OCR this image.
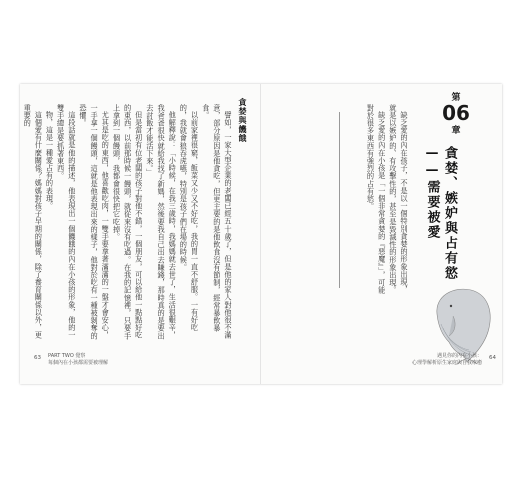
貪婪與饑餓

譬如，一家大型企業的老闆已經五十歲了，但是他的家人對他很不滿意，部分原因是他貪吃，但更主要的是他飲食沒有節制，經常暴飲暴食。

以前家裡很窮，飯菜又少又不好吃，我的胃一直不舒服。一有好吃的，我就會狼吞虎嚥，特別是孩子們在場的時候。

他解釋說：「小時候，在我三歲時，我媽媽就去世了，生活很艱辛，我爸爸很快就給我找了新媽，然後要我自己出去賺錢，那時真的是要出去討飯才能活下來。」

但是當初有位老闆的孩子對他不錯，一個朋友，可以給他一點點好吃的東西，以前那時候一饅頭，就從來沒有吃過。在我的記憶裡，只要手上拿到一個饅頭，我都會很快把它吃掉。

尤其是吃的東西，他喜歡吃肉，一雙手要拿著滿滿的一盤才會安心，一手拿一個饅頭，這就是他表現出來的樣子，他對於吃有一種被剝奪的恐懼。

這段話就是他的描述，他表現出一個饑餓的內在小孩的形象，他的一雙手總是要抓著東西。

物，這是一種愛占有的表現。

這個愛有什麼關係？媽媽對孩子早期的關係，除了養育關係以外，更重要的

63 PART TWO 覺察
每個內在小孩都需要被理解
第
06
章
貪婪、嫉妒與占有慾
——需要被愛

缺乏愛的內在孩子，不是以一個特別貪婪的形象出現，就是以嫉妒的、有攻擊性的，甚至是毀滅性的形象出現。

缺乏愛的內在小孩是「一個非常貪婪的『惡魔』」，可能對於很多東西有強烈的占有慾。

遇見你的內在小孩：
心理學解析原生家庭與自我療癒
64
